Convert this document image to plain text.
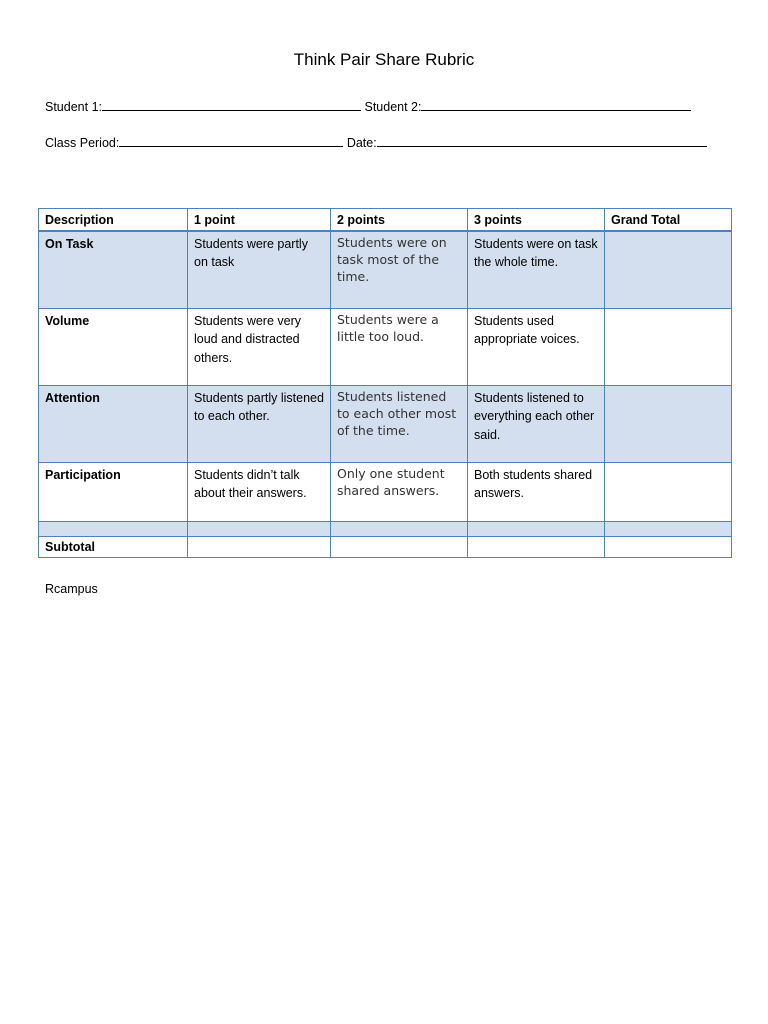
Think Pair Share Rubric
Student 1:	Student 2:
Class Period:	Date:
Description	1 point	2 points	3 points	Grand Total
On Task	Students were partly on task	Students were on task most of the time.	Students were on task the whole time.	
Volume	Students were very loud and distracted others.	Students were a little too loud.	Students used appropriate voices.	
Attention	Students partly listened to each other.	Students listened to each other most of the time.	Students listened to everything each other said.	
Participation	Students didn’t talk about their answers.	Only one student shared answers.	Both students shared answers.	

Subtotal				
Rcampus
